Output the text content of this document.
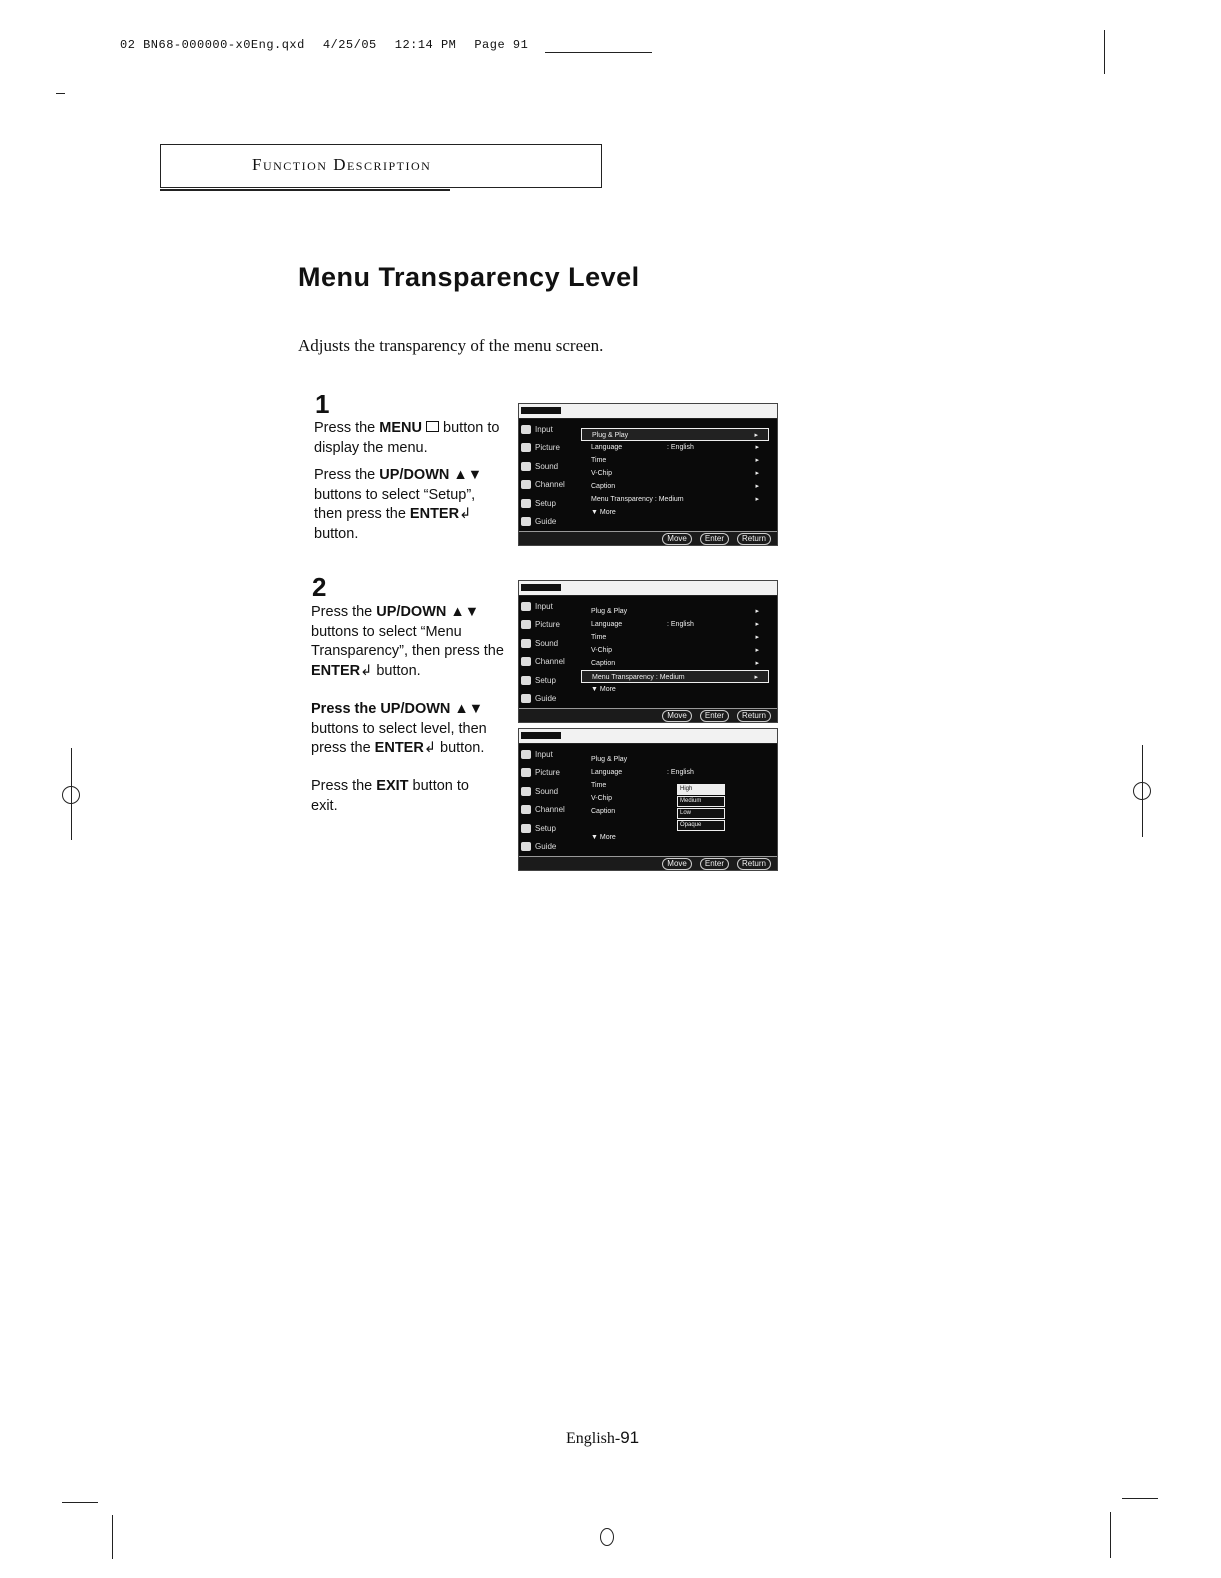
02 BN68-000000-x0Eng.qxd 4/25/05 12:14 PM Page 91
Function Description
Menu Transparency Level
Adjusts the transparency of the menu screen.
1
Press the MENU  button to display the menu.
Press the UP/DOWN ▲▼ buttons to select “Setup”, then press the ENTER↲ button.
2
Press the UP/DOWN ▲▼ buttons to select “Menu Transparency”, then press the ENTER↲ button.
Press the UP/DOWN ▲▼ buttons to select level, then press the ENTER↲ button.
Press the EXIT button to exit.
Input
Picture
Sound
Channel
Setup
Guide
Plug & Play	▸
Language	: English	▸
Time	▸
V-Chip	▸
Caption	▸
Menu Transparency : Medium	▸
▼ More
Move	Enter	Return
Input
Picture
Sound
Channel
Setup
Guide
Plug & Play	▸
Language	: English	▸
Time	▸
V-Chip	▸
Caption	▸
Menu Transparency : Medium	▸
▼ More
Move	Enter	Return
Input
Picture
Sound
Channel
Setup
Guide
Plug & Play
Language	: English
Time
V-Chip
Caption
▼ More
High
Medium
Low
Opaque
Move	Enter	Return
English-91
